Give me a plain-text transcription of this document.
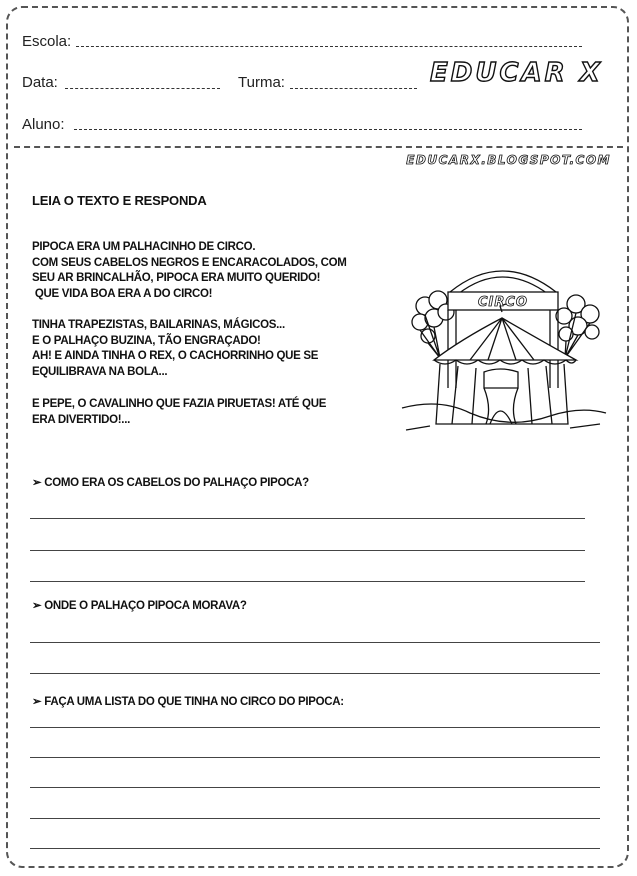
Escola:
Data:	Turma:	EDUCAR X
Aluno:
EDUCARX.BLOGSPOT.COM
LEIA O TEXTO E RESPONDA
PIPOCA ERA UM PALHACINHO DE CIRCO.
COM SEUS CABELOS NEGROS E ENCARACOLADOS, COM
SEU AR BRINCALHÃO, PIPOCA ERA MUITO QUERIDO!
QUE VIDA BOA ERA A DO CIRCO!
TINHA TRAPEZISTAS, BAILARINAS, MÁGICOS...
E O PALHAÇO BUZINA, TÃO ENGRAÇADO!
AH! E AINDA TINHA O REX, O CACHORRINHO QUE SE
EQUILIBRAVA NA BOLA...
E PEPE, O CAVALINHO QUE FAZIA PIRUETAS! ATÉ QUE
ERA DIVERTIDO!...
CIRCO
➢ COMO ERA OS CABELOS DO PALHAÇO PIPOCA?
➢ ONDE O PALHAÇO PIPOCA MORAVA?
➢ FAÇA UMA LISTA DO QUE TINHA NO CIRCO DO PIPOCA:
